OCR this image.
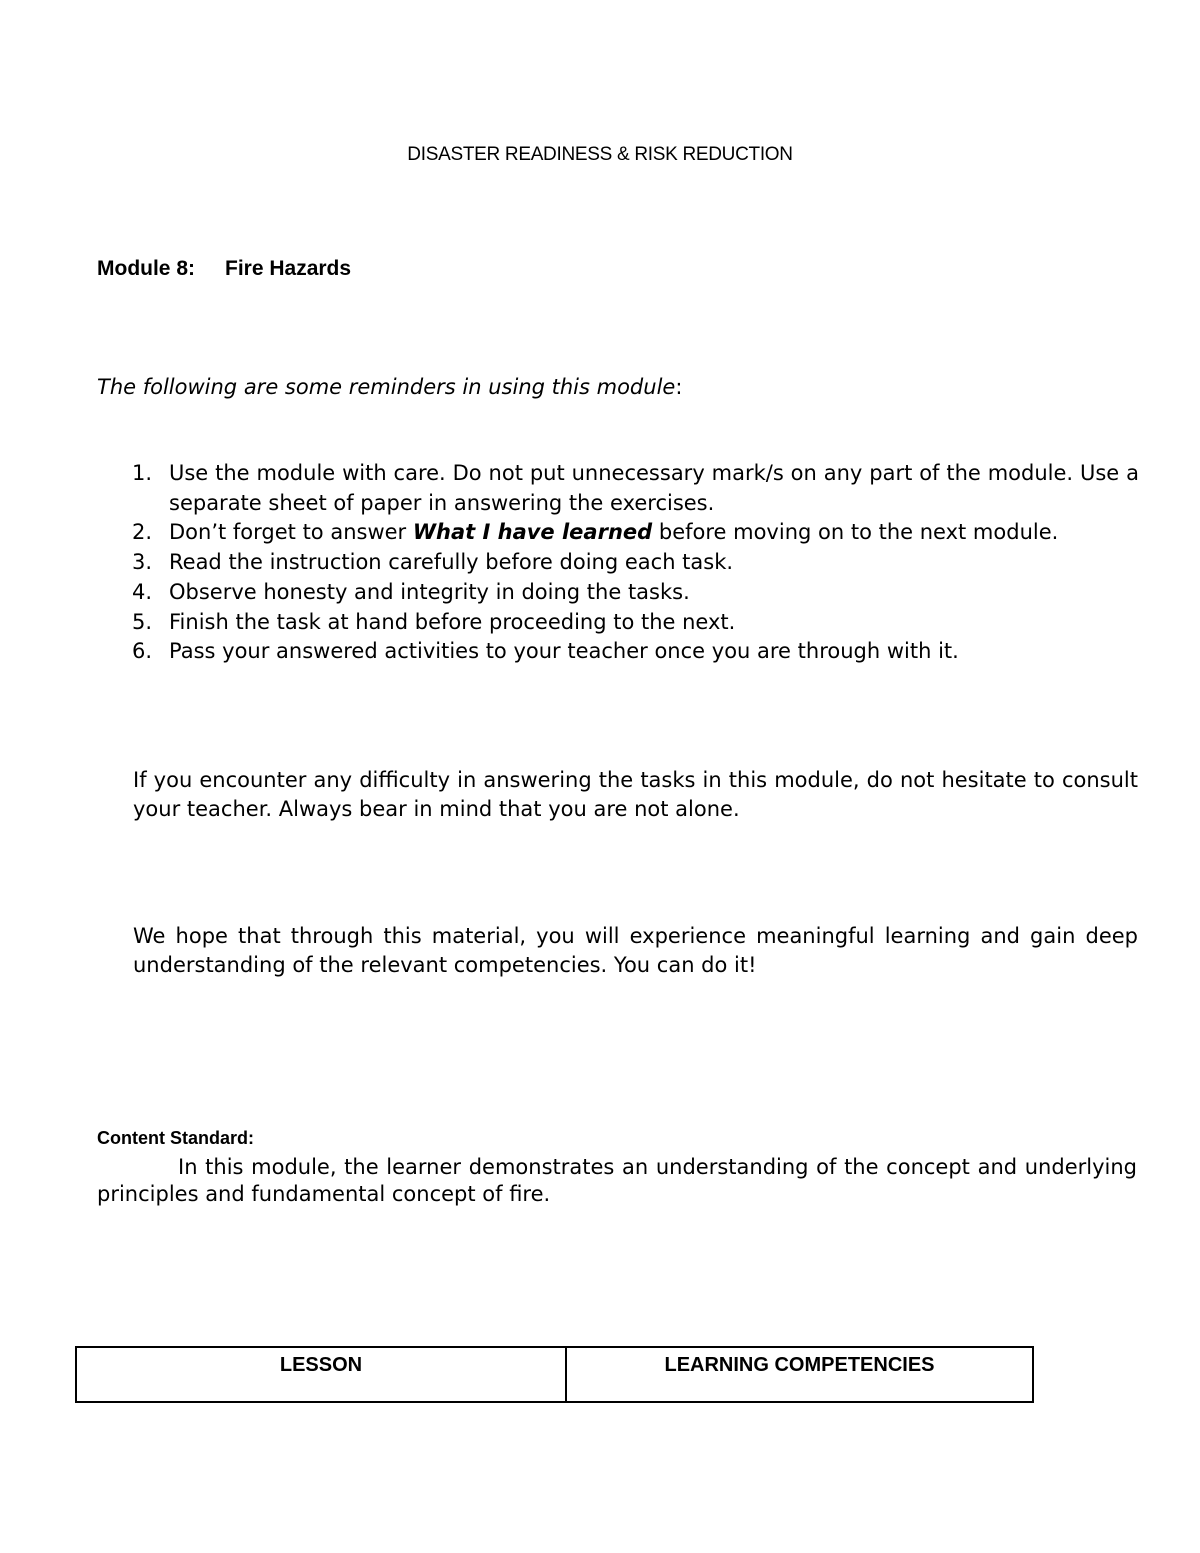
DISASTER READINESS & RISK REDUCTION
Module 8: Fire Hazards
The following are some reminders in using this module:
1. Use the module with care. Do not put unnecessary mark/s on any part of the module. Use a separate sheet of paper in answering the exercises.
2. Don’t forget to answer What I have learned before moving on to the next module.
3. Read the instruction carefully before doing each task.
4. Observe honesty and integrity in doing the tasks.
5. Finish the task at hand before proceeding to the next.
6. Pass your answered activities to your teacher once you are through with it.
If you encounter any difficulty in answering the tasks in this module, do not hesitate to consult your teacher. Always bear in mind that you are not alone.
We hope that through this material, you will experience meaningful learning and gain deep understanding of the relevant competencies. You can do it!
Content Standard:
In this module, the learner demonstrates an understanding of the concept and underlying principles and fundamental concept of fire.
LESSON	LEARNING COMPETENCIES
